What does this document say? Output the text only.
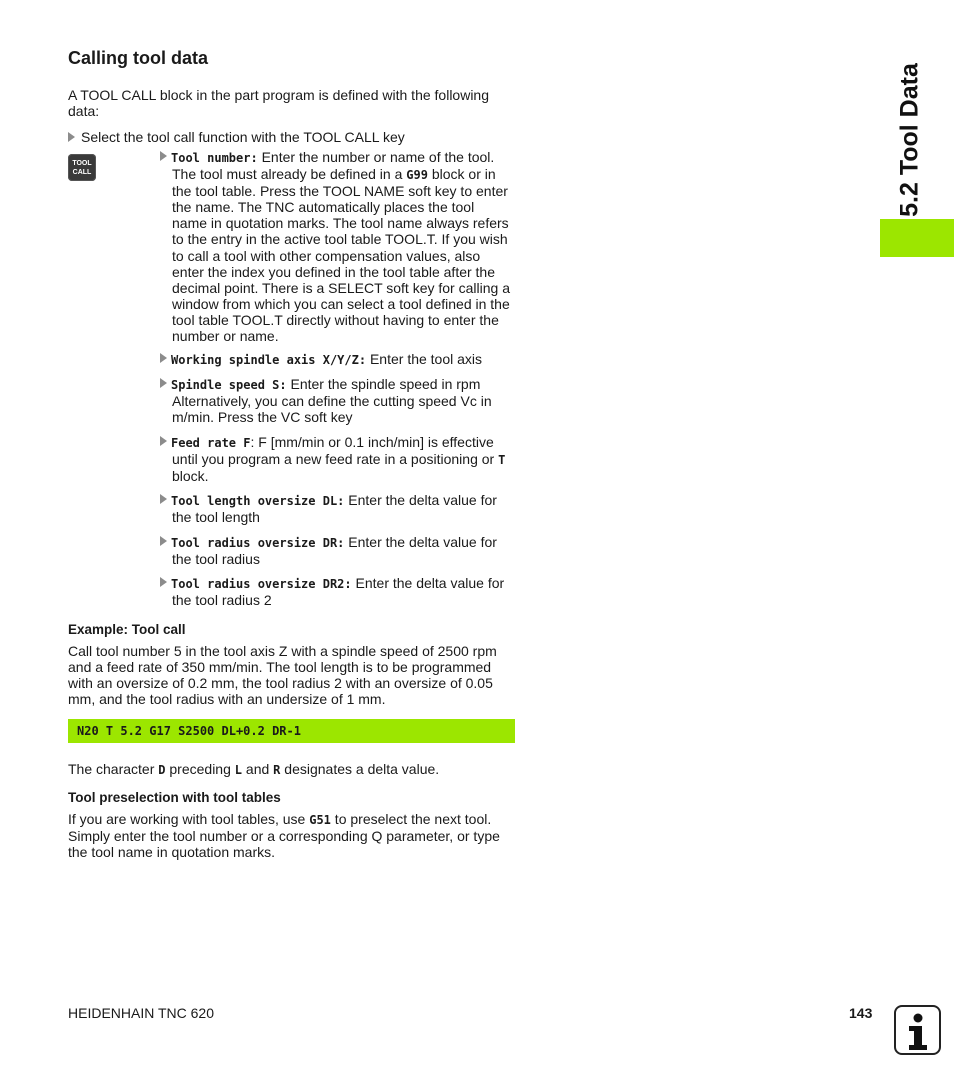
5.2 Tool Data
Calling tool data

A TOOL CALL block in the part program is defined with the following data:

Select the tool call function with the TOOL CALL key
TOOL
CALL
Tool number: Enter the number or name of the tool. The tool must already be defined in a G99 block or in the tool table. Press the TOOL NAME soft key to enter the name. The TNC automatically places the tool name in quotation marks. The tool name always refers to the entry in the active tool table TOOL.T. If you wish to call a tool with other compensation values, also enter the index you defined in the tool table after the decimal point. There is a SELECT soft key for calling a window from which you can select a tool defined in the tool table TOOL.T directly without having to enter the number or name.
Working spindle axis X/Y/Z: Enter the tool axis
Spindle speed S: Enter the spindle speed in rpm Alternatively, you can define the cutting speed Vc in m/min. Press the VC soft key
Feed rate F: F [mm/min or 0.1 inch/min] is effective until you program a new feed rate in a positioning or T block.
Tool length oversize DL: Enter the delta value for the tool length
Tool radius oversize DR: Enter the delta value for the tool radius
Tool radius oversize DR2: Enter the delta value for the tool radius 2
Example: Tool call

Call tool number 5 in the tool axis Z with a spindle speed of 2500 rpm and a feed rate of 350 mm/min. The tool length is to be programmed with an oversize of 0.2 mm, the tool radius 2 with an oversize of 0.05 mm, and the tool radius with an undersize of 1 mm.

N20 T 5.2 G17 S2500 DL+0.2 DR-1

The character D preceding L and R designates a delta value.

Tool preselection with tool tables

If you are working with tool tables, use G51 to preselect the next tool. Simply enter the tool number or a corresponding Q parameter, or type the tool name in quotation marks.

HEIDENHAIN TNC 620	143
